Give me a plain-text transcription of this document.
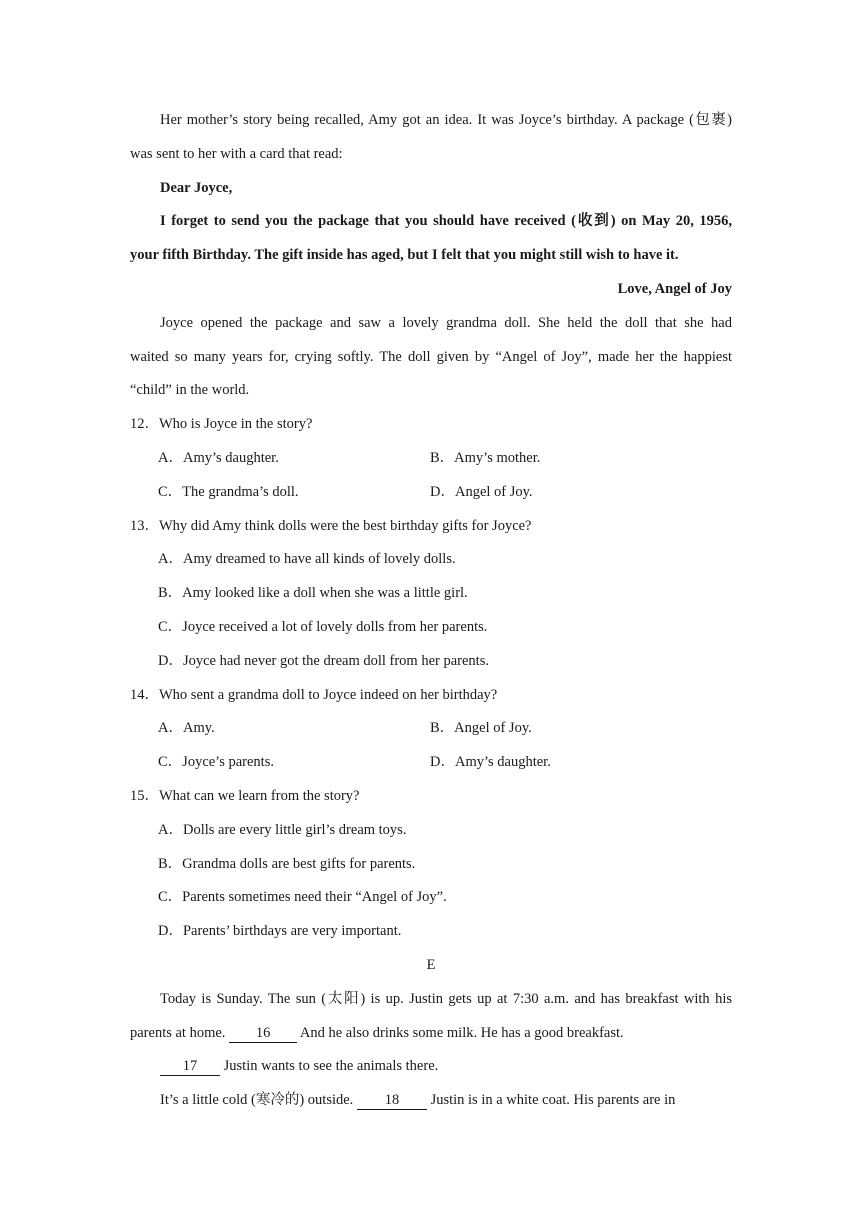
Her mother’s story being recalled, Amy got an idea. It was Joyce’s birthday. A package (包裹)
was sent to her with a card that read:
Dear Joyce,
I forget to send you the package that you should have received (收到) on May 20, 1956,
your fifth Birthday. The gift inside has aged, but I felt that you might still wish to have it.
Love, Angel of Joy
Joyce opened the package and saw a lovely grandma doll. She held the doll that she had
waited so many years for, crying softly. The doll given by “Angel of Joy”, made her the happiest
“child” in the world.
12．Who is Joyce in the story?
A．Amy’s daughter.	B．Amy’s mother.
C．The grandma’s doll.	D．Angel of Joy.
13．Why did Amy think dolls were the best birthday gifts for Joyce?
A．Amy dreamed to have all kinds of lovely dolls.
B．Amy looked like a doll when she was a little girl.
C．Joyce received a lot of lovely dolls from her parents.
D．Joyce had never got the dream doll from her parents.
14．Who sent a grandma doll to Joyce indeed on her birthday?
A．Amy.	B．Angel of Joy.
C．Joyce’s parents.	D．Amy’s daughter.
15．What can we learn from the story?
A．Dolls are every little girl’s dream toys.
B．Grandma dolls are best gifts for parents.
C．Parents sometimes need their “Angel of Joy”.
D．Parents’ birthdays are very important.
E
Today is Sunday. The sun (太阳) is up. Justin gets up at 7:30 a.m. and has breakfast with his
parents at home. 16 And he also drinks some milk. He has a good breakfast.
17 Justin wants to see the animals there.
It’s a little cold (寒冷的) outside. 18 Justin is in a white coat. His parents are in
